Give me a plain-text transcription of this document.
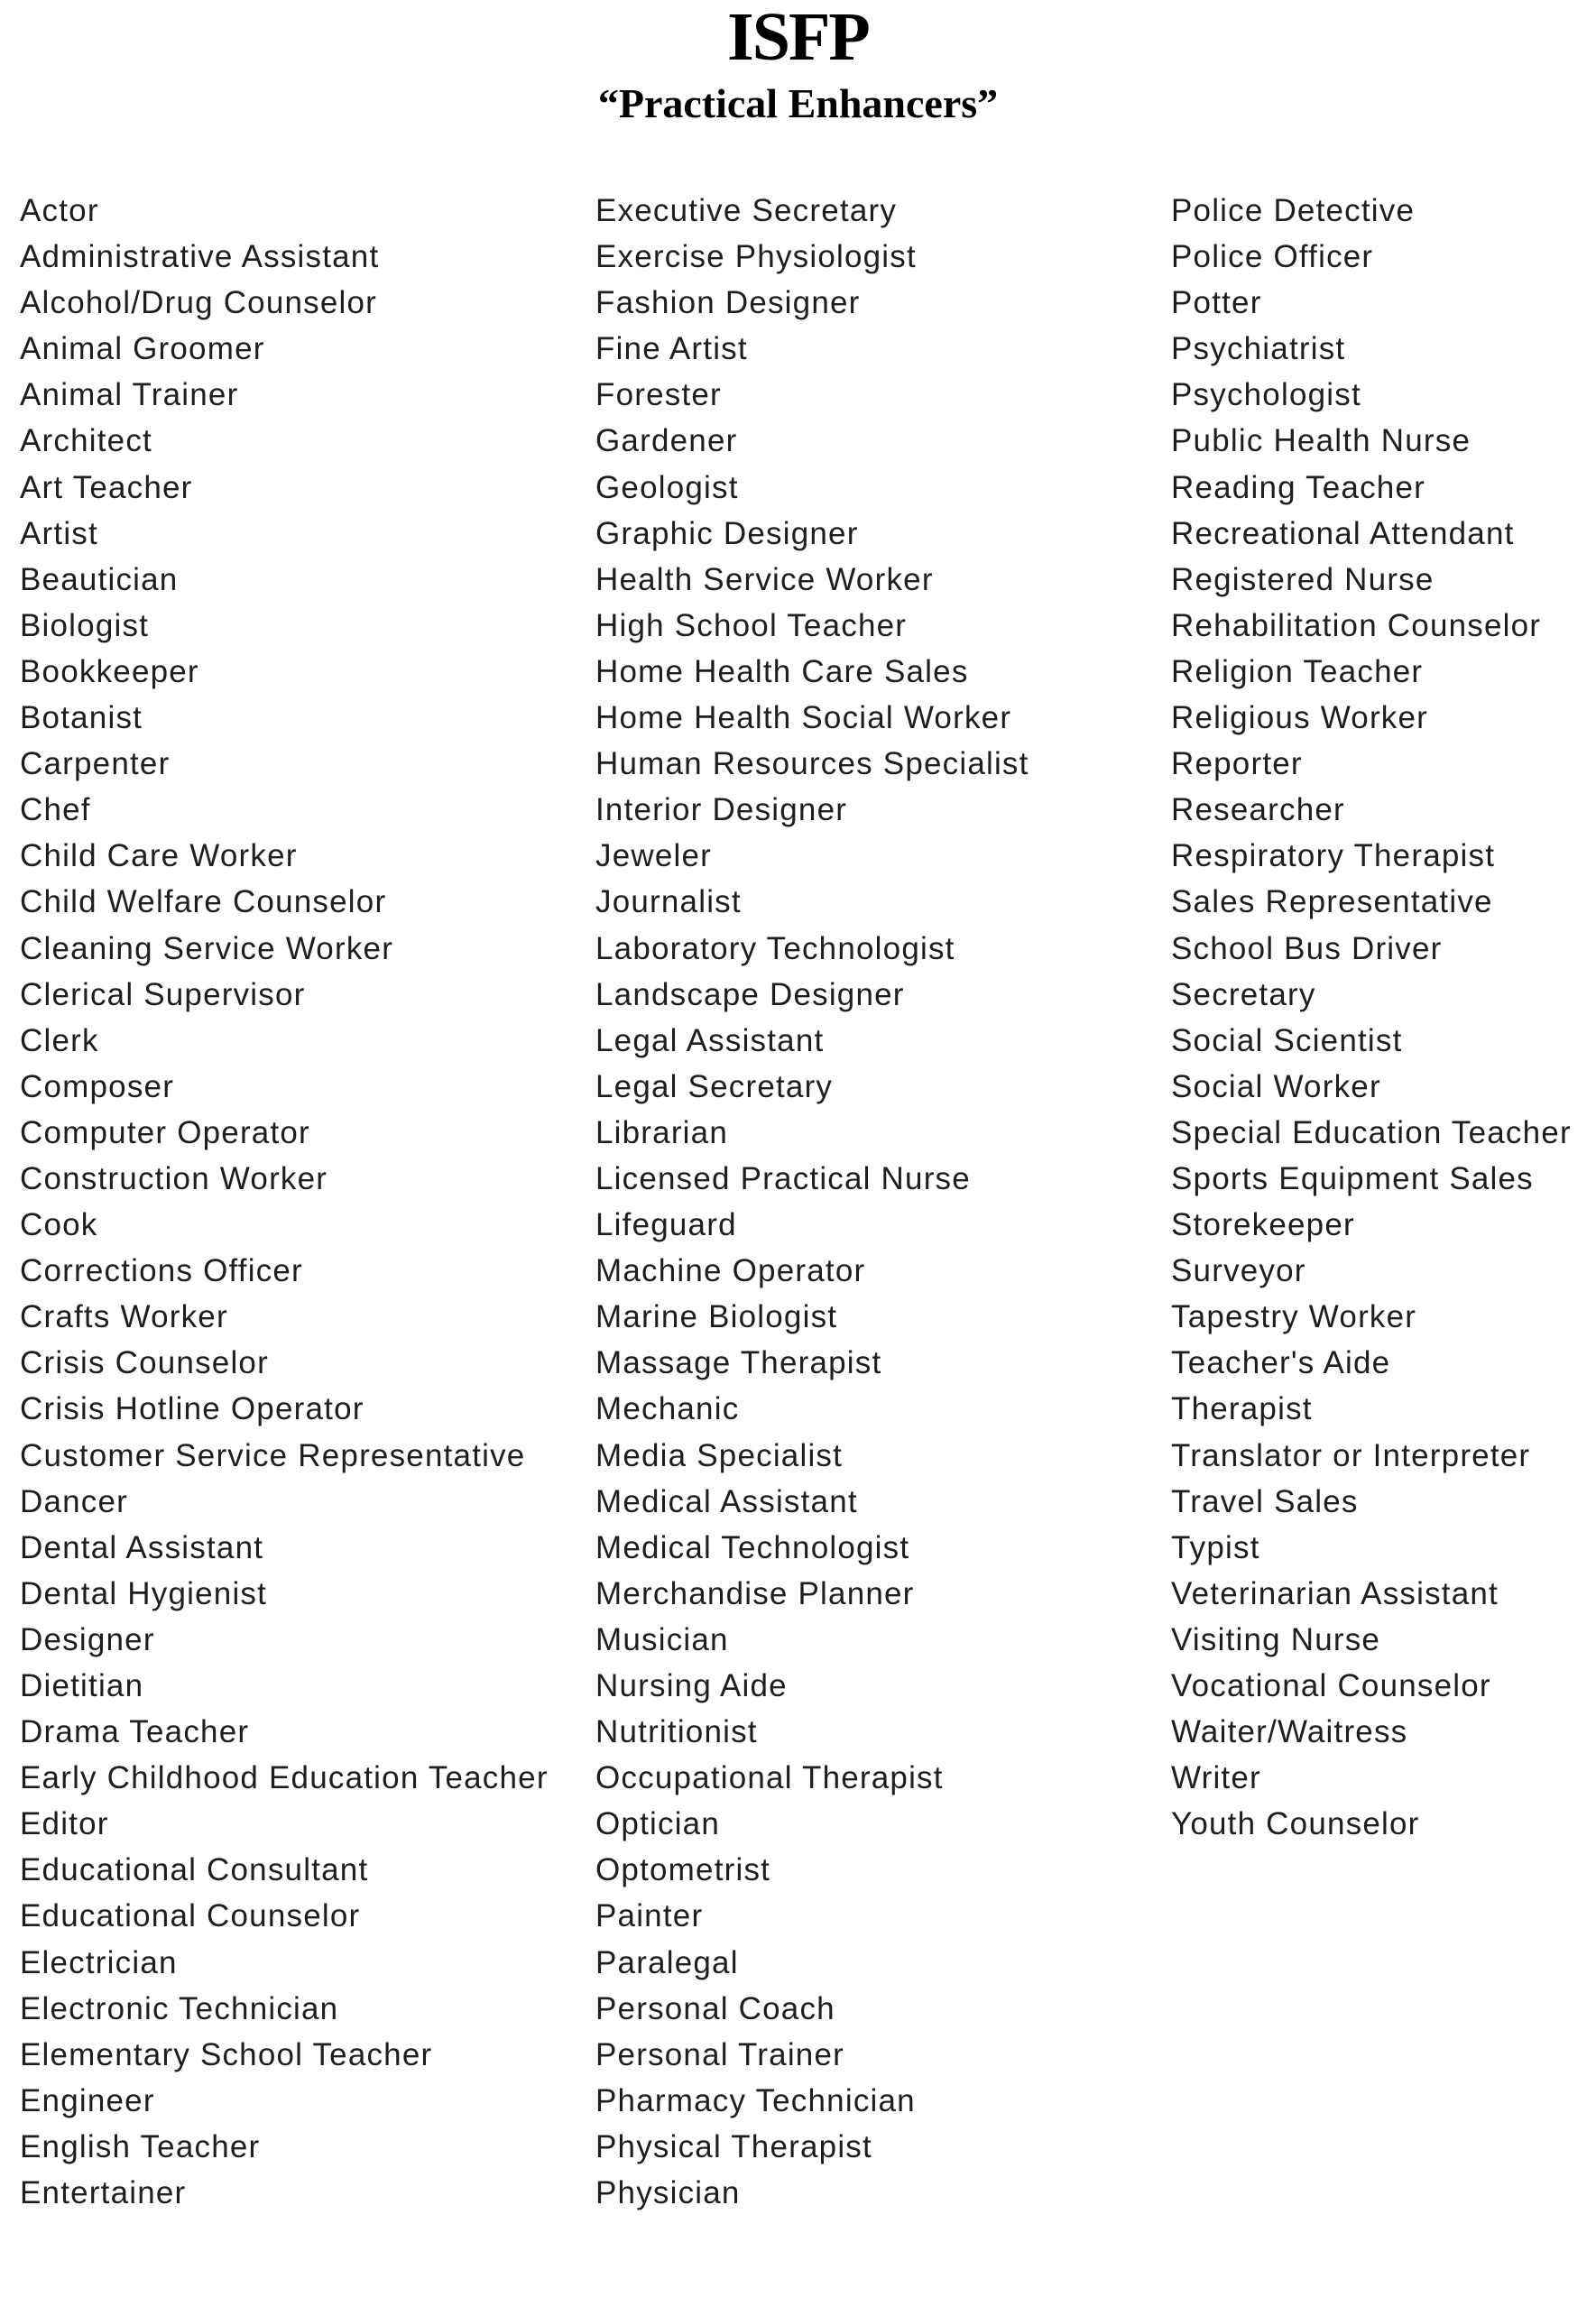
ISFP
“Practical Enhancers”
Actor
Administrative Assistant
Alcohol/Drug Counselor
Animal Groomer
Animal Trainer
Architect
Art Teacher
Artist
Beautician
Biologist
Bookkeeper
Botanist
Carpenter
Chef
Child Care Worker
Child Welfare Counselor
Cleaning Service Worker
Clerical Supervisor
Clerk
Composer
Computer Operator
Construction Worker
Cook
Corrections Officer
Crafts Worker
Crisis Counselor
Crisis Hotline Operator
Customer Service Representative
Dancer
Dental Assistant
Dental Hygienist
Designer
Dietitian
Drama Teacher
Early Childhood Education Teacher
Editor
Educational Consultant
Educational Counselor
Electrician
Electronic Technician
Elementary School Teacher
Engineer
English Teacher
Entertainer
Executive Secretary
Exercise Physiologist
Fashion Designer
Fine Artist
Forester
Gardener
Geologist
Graphic Designer
Health Service Worker
High School Teacher
Home Health Care Sales
Home Health Social Worker
Human Resources Specialist
Interior Designer
Jeweler
Journalist
Laboratory Technologist
Landscape Designer
Legal Assistant
Legal Secretary
Librarian
Licensed Practical Nurse
Lifeguard
Machine Operator
Marine Biologist
Massage Therapist
Mechanic
Media Specialist
Medical Assistant
Medical Technologist
Merchandise Planner
Musician
Nursing Aide
Nutritionist
Occupational Therapist
Optician
Optometrist
Painter
Paralegal
Personal Coach
Personal Trainer
Pharmacy Technician
Physical Therapist
Physician
Police Detective
Police Officer
Potter
Psychiatrist
Psychologist
Public Health Nurse
Reading Teacher
Recreational Attendant
Registered Nurse
Rehabilitation Counselor
Religion Teacher
Religious Worker
Reporter
Researcher
Respiratory Therapist
Sales Representative
School Bus Driver
Secretary
Social Scientist
Social Worker
Special Education Teacher
Sports Equipment Sales
Storekeeper
Surveyor
Tapestry Worker
Teacher's Aide
Therapist
Translator or Interpreter
Travel Sales
Typist
Veterinarian Assistant
Visiting Nurse
Vocational Counselor
Waiter/Waitress
Writer
Youth Counselor
